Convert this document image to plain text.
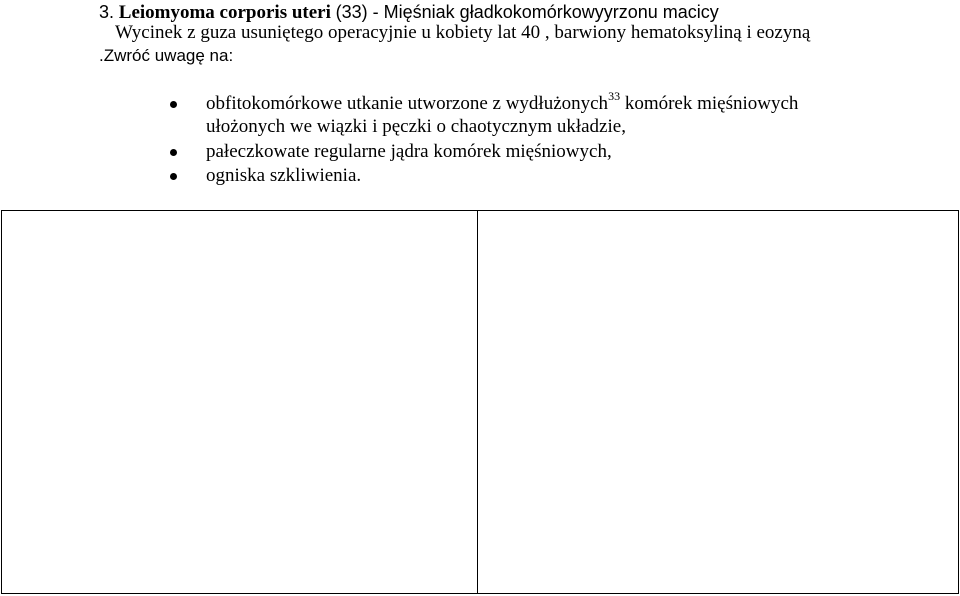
3. Leiomyoma corporis uteri (33) - Mięśniak gładkokomórkowyyrzonu macicy
Wycinek z guza usuniętego operacyjnie u kobiety lat 40 , barwiony hematoksyliną i eozyną
.Zwróć uwagę na:
obfitokomórkowe utkanie utworzone z wydłużonych$^{33}$ komórek mięśniowych
ułożonych we wiązki i pęczki o chaotycznym układzie,
pałeczkowate regularne jądra komórek mięśniowych,
ogniska szkliwienia.
